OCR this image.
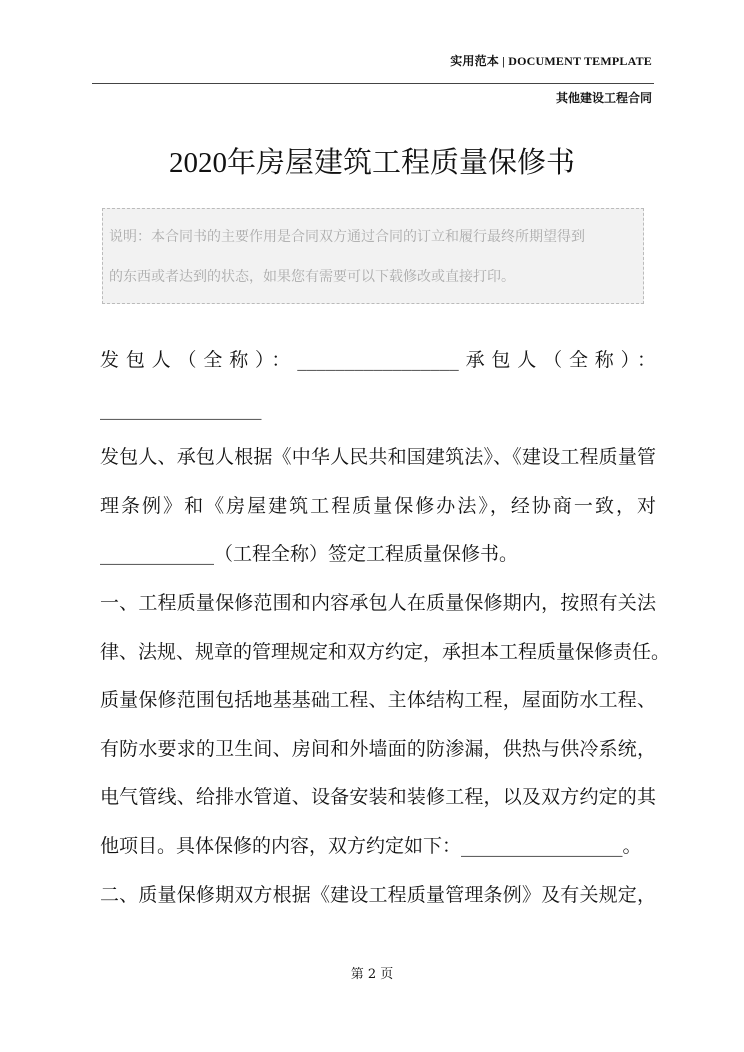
实用范本 | DOCUMENT TEMPLATE
其他建设工程合同
2020年房屋建筑工程质量保修书
说明：本合同书的主要作用是合同双方通过合同的订立和履行最终所期望得到
的东西或者达到的状态，如果您有需要可以下载修改或直接打印。
发包人（全称）：_________________承包人（全称）：
_________________
发包人、承包人根据《中华人民共和国建筑法》、《建设工程质量管
理条例》和《房屋建筑工程质量保修办法》，经协商一致，对
____________（工程全称）签定工程质量保修书。
一、工程质量保修范围和内容承包人在质量保修期内，按照有关法
律、法规、规章的管理规定和双方约定，承担本工程质量保修责任。
质量保修范围包括地基基础工程、主体结构工程，屋面防水工程、
有防水要求的卫生间、房间和外墙面的防渗漏，供热与供冷系统，
电气管线、给排水管道、设备安装和装修工程，以及双方约定的其
他项目。具体保修的内容，双方约定如下：_________________。
二、质量保修期双方根据《建设工程质量管理条例》及有关规定，
第 2 页
